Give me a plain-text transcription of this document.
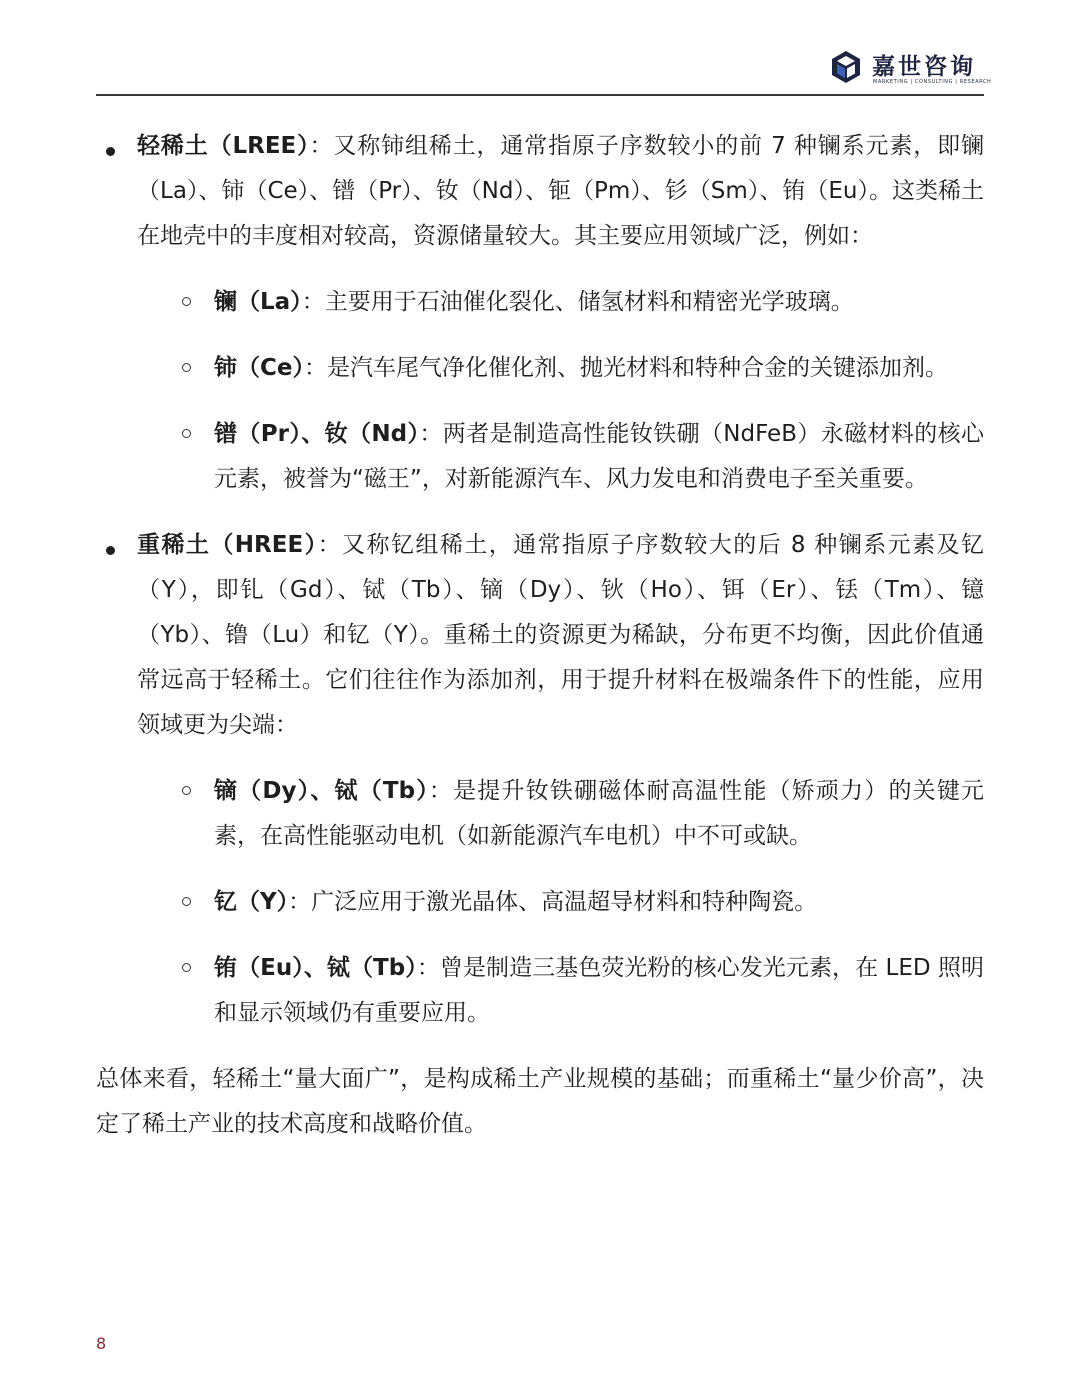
嘉世咨询
MARKETING | CONSULTING | RESEARCH

轻稀土（LREE）：又称铈组稀土，通常指原子序数较小的前 7 种镧系元素，即镧（La）、铈（Ce）、镨（Pr）、钕（Nd）、钷（Pm）、钐（Sm）、铕（Eu）。这类稀土在地壳中的丰度相对较高，资源储量较大。其主要应用领域广泛，例如：

镧（La）：主要用于石油催化裂化、储氢材料和精密光学玻璃。

铈（Ce）：是汽车尾气净化催化剂、抛光材料和特种合金的关键添加剂。

镨（Pr）、钕（Nd）：两者是制造高性能钕铁硼（NdFeB）永磁材料的核心元素，被誉为“磁王”，对新能源汽车、风力发电和消费电子至关重要。

重稀土（HREE）：又称钇组稀土，通常指原子序数较大的后 8 种镧系元素及钇（Y），即钆（Gd）、铽（Tb）、镝（Dy）、钬（Ho）、铒（Er）、铥（Tm）、镱（Yb）、镥（Lu）和钇（Y）。重稀土的资源更为稀缺，分布更不均衡，因此价值通常远高于轻稀土。它们往往作为添加剂，用于提升材料在极端条件下的性能，应用领域更为尖端：

镝（Dy）、铽（Tb）：是提升钕铁硼磁体耐高温性能（矫顽力）的关键元素，在高性能驱动电机（如新能源汽车电机）中不可或缺。

钇（Y）：广泛应用于激光晶体、高温超导材料和特种陶瓷。

铕（Eu）、铽（Tb）：曾是制造三基色荧光粉的核心发光元素，在 LED 照明和显示领域仍有重要应用。

总体来看，轻稀土“量大面广”，是构成稀土产业规模的基础；而重稀土“量少价高”，决定了稀土产业的技术高度和战略价值。

8
